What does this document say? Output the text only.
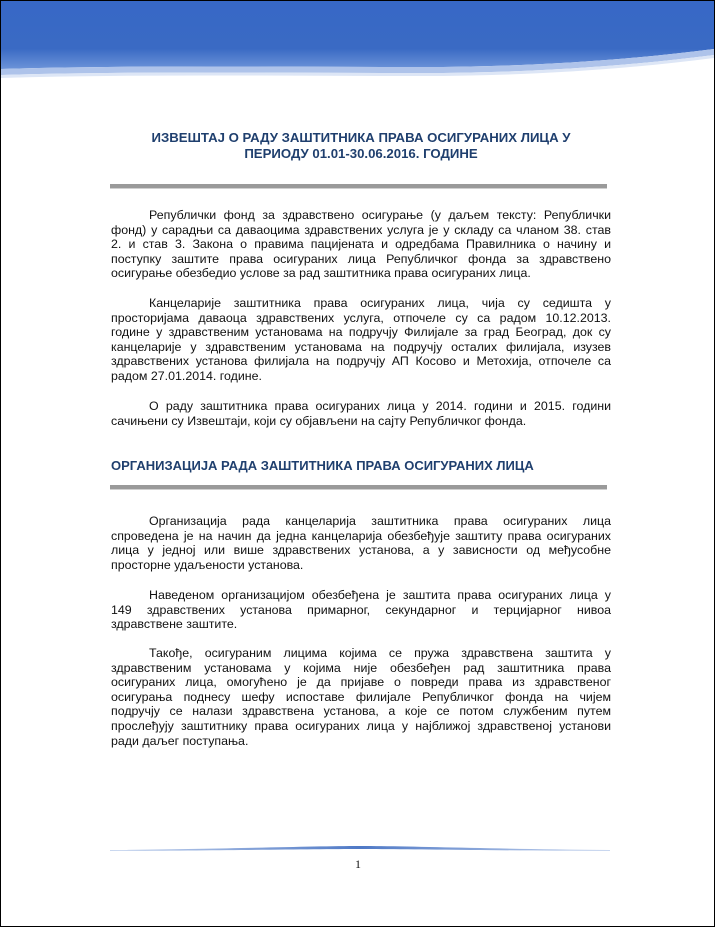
ИЗВЕШТАЈ О РАДУ ЗАШТИТНИКА ПРАВА ОСИГУРАНИХ ЛИЦА У
ПЕРИОДУ 01.01-30.06.2016. ГОДИНЕ

Републички фонд за здравствено осигурање (у даљем тексту: Републички
фонд) у сарадњи са даваоцима здравствених услуга је у складу са чланом 38. став
2. и став 3. Закона о правима пацијената и одредбама Правилника о начину и
поступку заштите права осигураних лица Републичког фонда за здравствено
осигурање обезбедио услове за рад заштитника права осигураних лица.

Канцеларије заштитника права осигураних лица, чија су седишта у
просторијама даваоца здравствених услуга, отпочеле су са радом 10.12.2013.
године у здравственим установама на подручју Филијале за град Београд, док су
канцеларије у здравственим установама на подручју осталих филијала, изузев
здравствених установа филијала на подручју АП Косово и Метохија, отпочеле са
радом 27.01.2014. године.

О раду заштитника права осигураних лица у 2014. години и 2015. години
сачињени су Извештаји, који су објављени на сајту Републичког фонда.

ОРГАНИЗАЦИЈА РАДА ЗАШТИТНИКА ПРАВА ОСИГУРАНИХ ЛИЦА

Организација рада канцеларија заштитника права осигураних лица
спроведена је на начин да једна канцеларија обезбеђује заштиту права осигураних
лица у једној или више здравствених установа, а у зависности од међусобне
просторне удаљености установа.

Наведеном организацијом обезбеђена је заштита права осигураних лица у
149 здравствених установа примарног, секундарног и терцијарног нивоа
здравствене заштите.

Такође, осигураним лицима којима се пружа здравствена заштита у
здравственим установама у којима није обезбеђен рад заштитника права
осигураних лица, омогућено је да пријаве о повреди права из здравственог
осигурања поднесу шефу испоставе филијале Републичког фонда на чијем
подручју се налази здравствена установа, а које се потом службеним путем
прослеђују заштитнику права осигураних лица у најближој здравственој установи
ради даљег поступања.

1
